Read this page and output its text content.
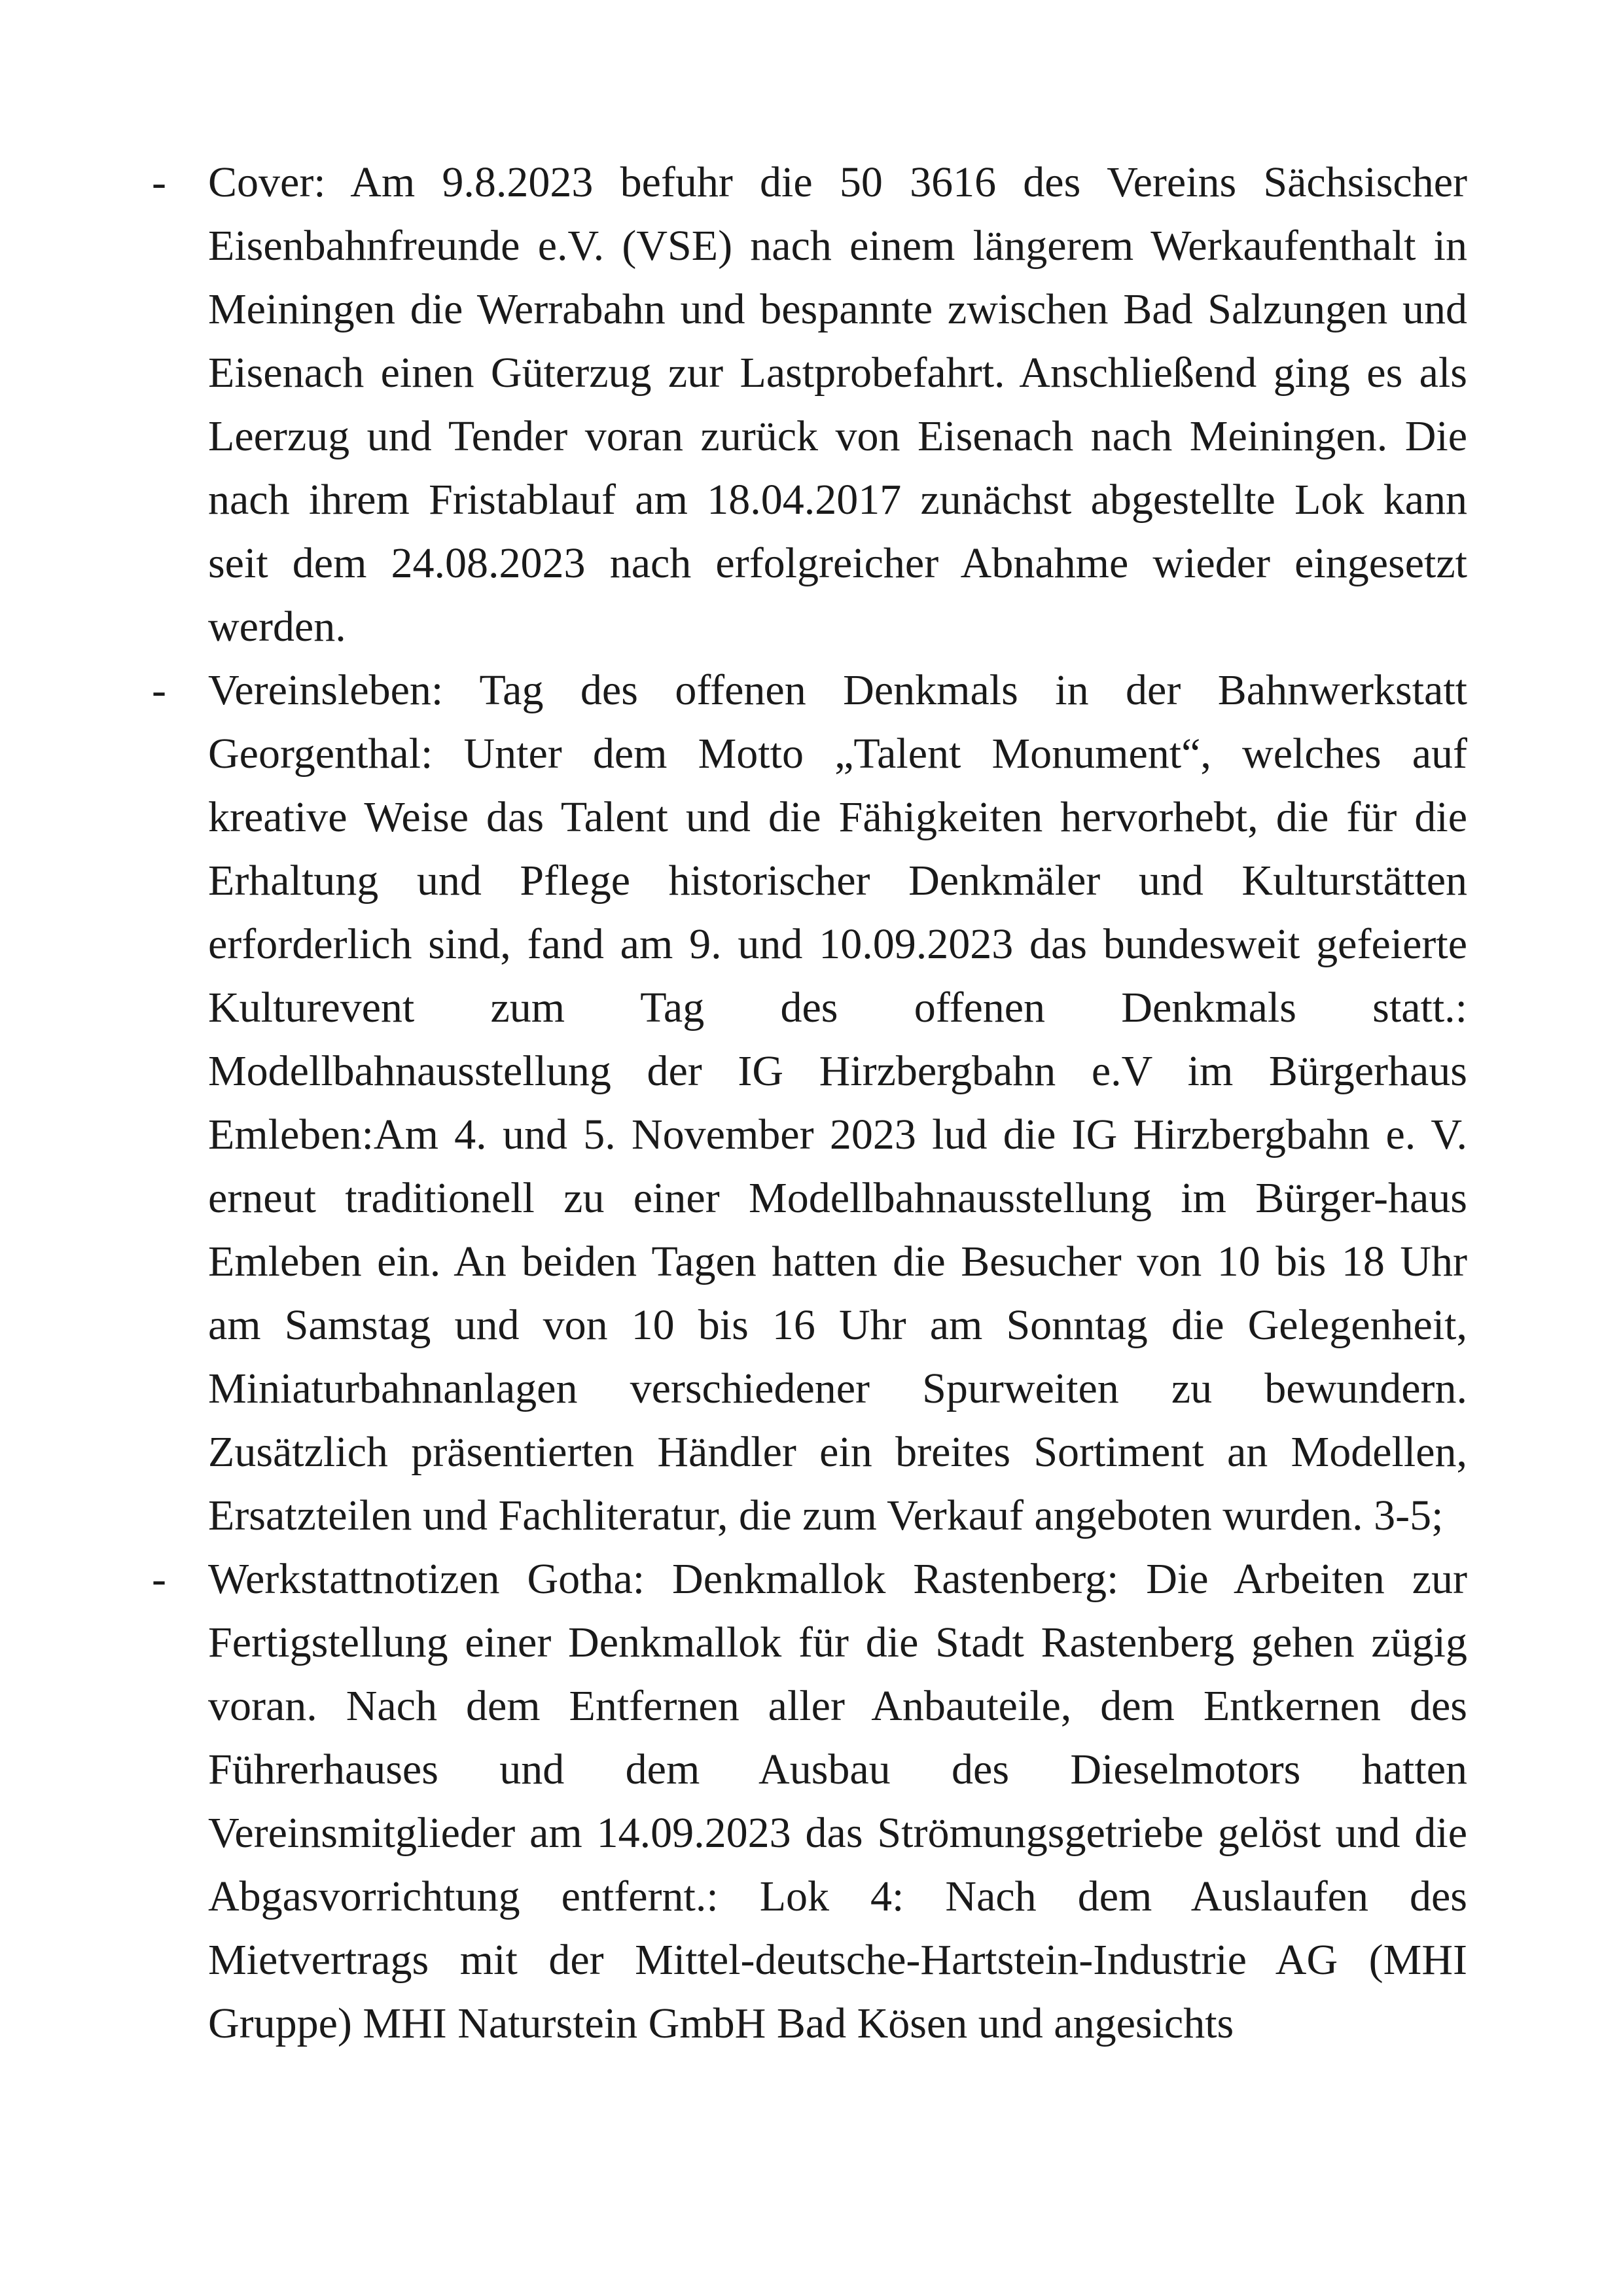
- Cover: Am 9.8.2023 befuhr die 50 3616 des Vereins Sächsischer Eisenbahnfreunde e.V. (VSE) nach einem längerem Werkaufenthalt in Meiningen die Werrabahn und bespannte zwischen Bad Salzungen und Eisenach einen Güterzug zur Lastprobefahrt. Anschließend ging es als Leerzug und Tender voran zurück von Eisenach nach Meiningen. Die nach ihrem Fristablauf am 18.04.2017 zunächst abgestellte Lok kann seit dem 24.08.2023 nach erfolgreicher Abnahme wieder eingesetzt werden.
- Vereinsleben: Tag des offenen Denkmals in der Bahnwerkstatt Georgenthal: Unter dem Motto „Talent Monument“, welches auf kreative Weise das Talent und die Fähigkeiten hervorhebt, die für die Erhaltung und Pflege historischer Denkmäler und Kulturstätten erforderlich sind, fand am 9. und 10.09.2023 das bundesweit gefeierte Kulturevent zum Tag des offenen Denkmals statt.: Modellbahnausstellung der IG Hirzbergbahn e.V im Bürgerhaus Emleben:Am 4. und 5. November 2023 lud die IG Hirzbergbahn e. V. erneut traditionell zu einer Modellbahnausstellung im Bürger-haus Emleben ein. An beiden Tagen hatten die Besucher von 10 bis 18 Uhr am Samstag und von 10 bis 16 Uhr am Sonntag die Gelegenheit, Miniaturbahnanlagen verschiedener Spurweiten zu bewundern. Zusätzlich präsentierten Händler ein breites Sortiment an Modellen, Ersatzteilen und Fachliteratur, die zum Verkauf angeboten wurden. 3-5;
- Werkstattnotizen Gotha: Denkmallok Rastenberg: Die Arbeiten zur Fertigstellung einer Denkmallok für die Stadt Rastenberg gehen zügig voran. Nach dem Entfernen aller Anbauteile, dem Entkernen des Führerhauses und dem Ausbau des Dieselmotors hatten Vereinsmitglieder am 14.09.2023 das Strömungsgetriebe gelöst und die Abgasvorrichtung entfernt.: Lok 4: Nach dem Auslaufen des Mietvertrags mit der Mittel-deutsche-Hartstein-Industrie AG (MHI Gruppe) MHI Naturstein GmbH Bad Kösen und angesichts
